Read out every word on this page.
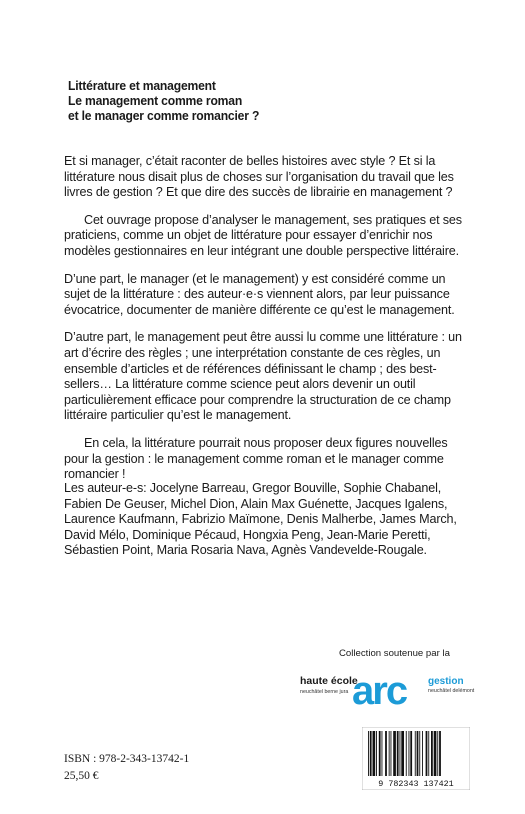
Littérature et management
Le management comme roman
et le manager comme romancier ?

Et si manager, c’était raconter de belles histoires avec style ? Et si la littérature nous disait plus de choses sur l’organisation du travail que les livres de gestion ? Et que dire des succès de librairie en management ?

Cet ouvrage propose d’analyser le management, ses pratiques et ses praticiens, comme un objet de littérature pour essayer d’enrichir nos modèles gestionnaires en leur intégrant une double perspective littéraire.

D’une part, le manager (et le management) y est considéré comme un sujet de la littérature : des auteur·e·s viennent alors, par leur puissance évocatrice, documenter de manière différente ce qu’est le management.

D’autre part, le management peut être aussi lu comme une littérature : un art d’écrire des règles ; une interprétation constante de ces règles, un ensemble d’articles et de références définissant le champ ; des best-sellers… La littérature comme science peut alors devenir un outil particulièrement efficace pour comprendre la structuration de ce champ littéraire particulier qu’est le management.

En cela, la littérature pourrait nous proposer deux figures nouvelles pour la gestion : le management comme roman et le manager comme romancier !

Les auteur-e-s: Jocelyne Barreau, Gregor Bouville, Sophie Chabanel, Fabien De Geuser, Michel Dion, Alain Max Guénette, Jacques Igalens, Laurence Kaufmann, Fabrizio Maïmone, Denis Malherbe, James March, David Mélo, Dominique Pécaud, Hongxia Peng, Jean-Marie Peretti, Sébastien Point, Maria Rosaria Nava, Agnès Vandevelde-Rougale.
Collection soutenue par la
haute école
neuchâtel berne jura arc gestion
neuchâtel delémont
ISBN : 978-2-343-13742-1
25,50 €
9 782343 137421
